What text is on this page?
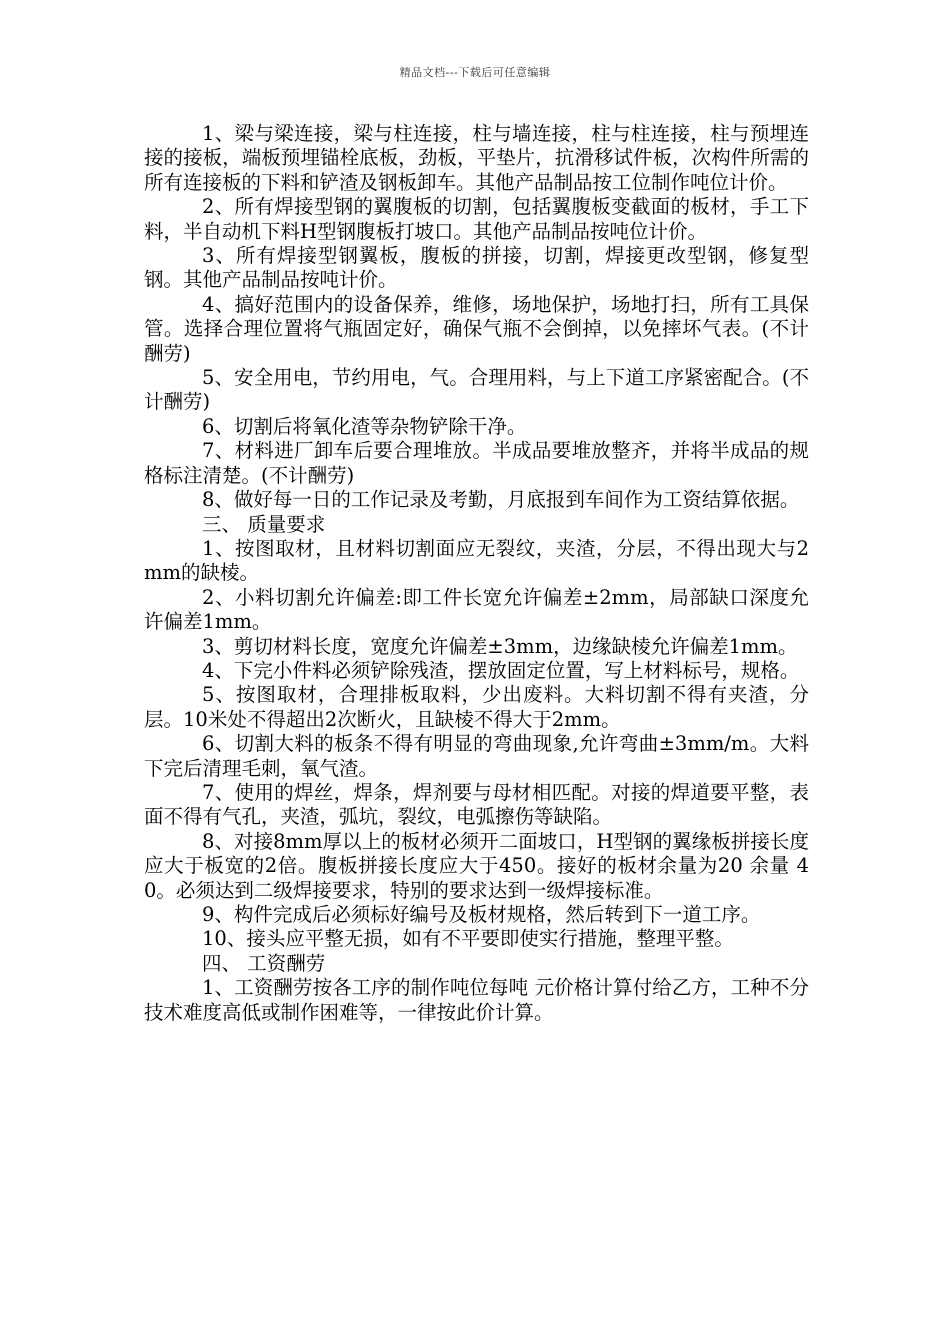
精品文档---下载后可任意编辑

1、梁与梁连接，梁与柱连接，柱与墙连接，柱与柱连接，柱与预埋连接的接板，端板预埋锚栓底板，劲板，平垫片，抗滑移试件板，次构件所需的所有连接板的下料和铲渣及钢板卸车。其他产品制品按工位制作吨位计价。

2、所有焊接型钢的翼腹板的切割，包括翼腹板变截面的板材，手工下料，半自动机下料H型钢腹板打坡口。其他产品制品按吨位计价。

3、所有焊接型钢翼板，腹板的拼接，切割，焊接更改型钢，修复型钢。其他产品制品按吨计价。

4、搞好范围内的设备保养，维修，场地保护，场地打扫，所有工具保管。选择合理位置将气瓶固定好，确保气瓶不会倒掉，以免摔坏气表。(不计酬劳)

5、安全用电，节约用电，气。合理用料，与上下道工序紧密配合。(不计酬劳)

6、切割后将氧化渣等杂物铲除干净。

7、材料进厂卸车后要合理堆放。半成品要堆放整齐，并将半成品的规格标注清楚。(不计酬劳)

8、做好每一日的工作记录及考勤，月底报到车间作为工资结算依据。

三、 质量要求

1、按图取材，且材料切割面应无裂纹，夹渣，分层，不得出现大与2mm的缺棱。

2、小料切割允许偏差:即工件长宽允许偏差±2mm，局部缺口深度允许偏差1mm。

3、剪切材料长度，宽度允许偏差±3mm，边缘缺棱允许偏差1mm。

4、下完小件料必须铲除残渣，摆放固定位置，写上材料标号，规格。

5、按图取材，合理排板取料，少出废料。大料切割不得有夹渣，分层。10米处不得超出2次断火，且缺棱不得大于2mm。

6、切割大料的板条不得有明显的弯曲现象,允许弯曲±3mm/m。大料下完后清理毛刺，氧气渣。

7、使用的焊丝，焊条，焊剂要与母材相匹配。对接的焊道要平整，表面不得有气孔，夹渣，弧坑，裂纹，电弧擦伤等缺陷。

8、对接8mm厚以上的板材必须开二面坡口，H型钢的翼缘板拼接长度应大于板宽的2倍。腹板拼接长度应大于450。接好的板材余量为20 余量 40。必须达到二级焊接要求，特别的要求达到一级焊接标准。

9、构件完成后必须标好编号及板材规格，然后转到下一道工序。

10、接头应平整无损，如有不平要即使实行措施，整理平整。

四、 工资酬劳

1、工资酬劳按各工序的制作吨位每吨 元价格计算付给乙方，工种不分技术难度高低或制作困难等，一律按此价计算。
